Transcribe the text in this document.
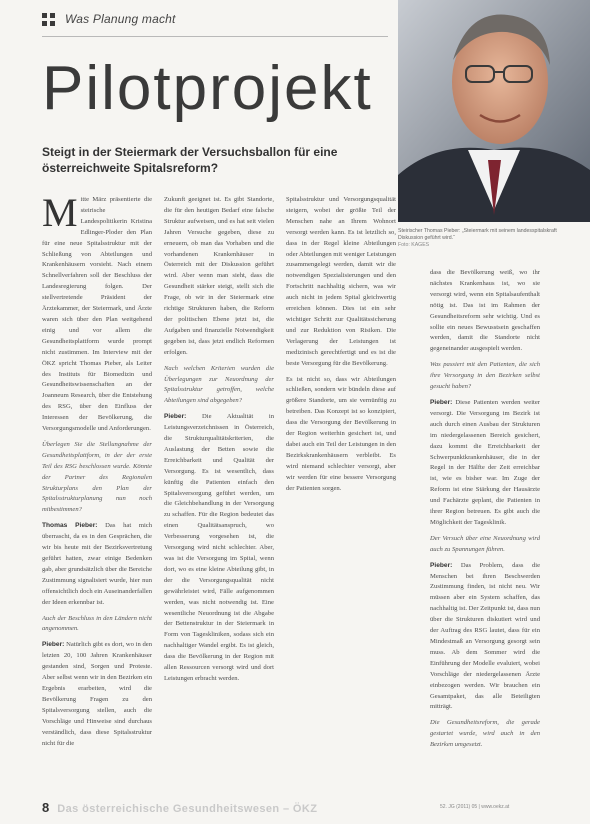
Was Planung macht
Pilotprojekt
Steigt in der Steiermark der Versuchsballon für eine österreichweite Spitalsreform?
Steirischer Thomas Pieber: „Steiermark mit seinem landesspitalskraft Diskussion geführt wird.“
Foto: KAGES

Mitte März präsentierte die steirische Landespolitikerin Kristina Edlinger-Ploder den Plan für eine neue Spitalsstruktur mit der Schließung von Abteilungen und Krankenhäusern vorsieht. Nach einem Schnellverfahren soll der Beschluss der Landesregierung folgen. Der stellvertretende Präsident der Ärztekammer, der Steiermark, und Ärzte waren sich über den Plan weitgehend einig und vor allem die Gesundheitsplattform wurde prompt nicht zustimmen. Im Interview mit der ÖKZ spricht Thomas Pieber, als Leiter des Instituts für Biomedizin und Gesundheitswissenschaften an der Joanneum Research, über die Entstehung des RSG, über den Einfluss der Interessen der Bevölkerung, die Versorgungsmodelle und Anforderungen.

Überlegen Sie die Stellungnahme der Gesundheitsplattform, in der der erste Teil des RSG beschlossen wurde. Könnte der Partner des Regionalen Strukturplans den Plan der Spitalsstrukturplanung nun noch mitbestimmen?

Thomas Pieber: Das hat mich überrascht, da es in den Gesprächen, die wir bis heute mit der Bezirksvertretung geführt hatten, zwar einige Bedenken gab, aber grundsätzlich über die Bereiche Zustimmung signalisiert wurde, hier nun offensichtlich doch ein Auseinanderfallen der Ideen erkennbar ist.

Auch der Beschluss in den Ländern nicht angenommen.

Pieber: Natürlich gibt es dort, wo in den letzten 20, 100 Jahren Krankenhäuser gestanden sind, Sorgen und Proteste. Aber selbst wenn wir in den Bezirken ein Ergebnis erarbeiten, wird die Bevölkerung Fragen zu den Spitalsversorgung stellen, auch die Vorschläge und Hinweise sind durchaus verständlich, dass diese Spitalsstruktur nicht für die

Zukunft geeignet ist. Es gibt Standorte, die für den heutigen Bedarf eine falsche Struktur aufweisen, und es hat seit vielen Jahren Versuche gegeben, diese zu erneuern, ob man das Vorhaben und die vorhandenen Krankenhäuser in Österreich mit der Diskussion geführt wird. Aber wenn man sieht, dass die Gesundheit stärker steigt, stellt sich die Frage, ob wir in der Steiermark eine richtige Strukturen haben, die Reform der politischen Ebene jetzt ist, die Aufgaben und finanzielle Notwendigkeit gegeben ist, dass jetzt endlich Reformen erfolgen.

Nach welchen Kriterien wurden die Überlegungen zur Neuordnung der Spitalsstruktur getroffen, welche Abteilungen sind abgegeben?

Pieber: Die Aktualität in Leistungsverzeichnissen in Österreich, die Strukturqualitätskriterien, die Auslastung der Betten sowie die Erreichbarkeit und Qualität der Versorgung. Es ist wesentlich, dass künftig die Patienten einfach den Spitalsversorgung geführt werden, um die Gleichbehandlung in der Versorgung zu schaffen. Für die Region bedeutet das einen Qualitätsanspruch, wo Verbesserung vorgesehen ist, die Versorgung wird nicht schlechter. Aber, was ist die Versorgung im Spital, wenn dort, wo es eine kleine Abteilung gibt, in der die Versorgungsqualität nicht gewährleistet wird, Fälle aufgenommen werden, was nicht notwendig ist. Eine wesentliche Neuordnung ist die Abgabe der Bettenstruktur in der Steiermark in Form von Tageskliniken, sodass sich ein nachhaltiger Wandel ergibt. Es ist gleich, dass die Bevölkerung in der Region mit allen Ressourcen versorgt wird und dort Leistungen erbracht werden.

Spitalsstruktur und Versorgungsqualität steigern, wobei der größte Teil der Menschen nahe an Ihrem Wohnort versorgt werden kann. Es ist letztlich so, dass in der Regel kleine Abteilungen oder Abteilungen mit weniger Leistungen zusammengelegt werden, damit wir die notwendigen Spezialisierungen und den Fortschritt nachhaltig sichern, was wir auch nicht in jedem Spital gleichwertig erreichen können. Dies ist ein sehr wichtiger Schritt zur Qualitätssicherung und zur Reduktion von Risiken. Die Verlagerung der Leistungen ist medizinisch gerechtfertigt und es ist die beste Versorgung für die Bevölkerung.

Es ist nicht so, dass wir Abteilungen schließen, sondern wir bündeln diese auf größere Standorte, um sie vernünftig zu betreiben. Das Konzept ist so konzipiert, dass die Versorgung der Bevölkerung in der Region weiterhin gesichert ist, und dabei auch ein Teil der Leistungen in den Bezirkskrankenhäusern verbleibt. Es wird niemand schlechter versorgt, aber wir werden für eine bessere Versorgung der Patienten sorgen.

dass die Bevölkerung weiß, wo ihr nächstes Krankenhaus ist, wo sie versorgt wird, wenn ein Spitalsaufenthalt nötig ist. Das ist im Rahmen der Gesundheitsreform sehr wichtig. Und es sollte ein neues Bewusstsein geschaffen werden, damit die Standorte nicht gegeneinander ausgespielt werden.

Was passiert mit den Patienten, die sich ihre Versorgung in den Bezirken selbst gesucht haben?

Pieber: Diese Patienten werden weiter versorgt. Die Versorgung im Bezirk ist auch durch einen Ausbau der Strukturen im niedergelassenen Bereich gesichert, dazu kommt die Erreichbarkeit der Schwerpunktkrankenhäuser, die in der Regel in der Hälfte der Zeit erreichbar ist, wie es bisher war. Im Zuge der Reform ist eine Stärkung der Hausärzte und Fachärzte geplant, die Patienten in ihrer Region betreuen. Es gibt auch die Möglichkeit der Tagesklinik.

Der Versuch über eine Neuordnung wird auch zu Spannungen führen.

Pieber: Das Problem, dass die Menschen bei ihren Beschwerden Zustimmung finden, ist nicht neu. Wir müssen aber ein System schaffen, das nachhaltig ist. Der Zeitpunkt ist, dass nun über die Strukturen diskutiert wird und der Auftrag des RSG lautet, dass für ein Mindestmaß an Versorgung gesorgt sein muss. Ab dem Sommer wird die Einführung der Modelle evaluiert, wobei Vorschläge der niedergelassenen Ärzte einbezogen werden. Wir brauchen ein Gesamtpaket, das alle Beteiligten mitträgt.

Die Gesundheitsreform, die gerade gestartet wurde, wird auch in den Bezirken umgesetzt.

8 Das österreichische Gesundheitswesen – ÖKZ	52. JG (2011) 05 | www.oekz.at
